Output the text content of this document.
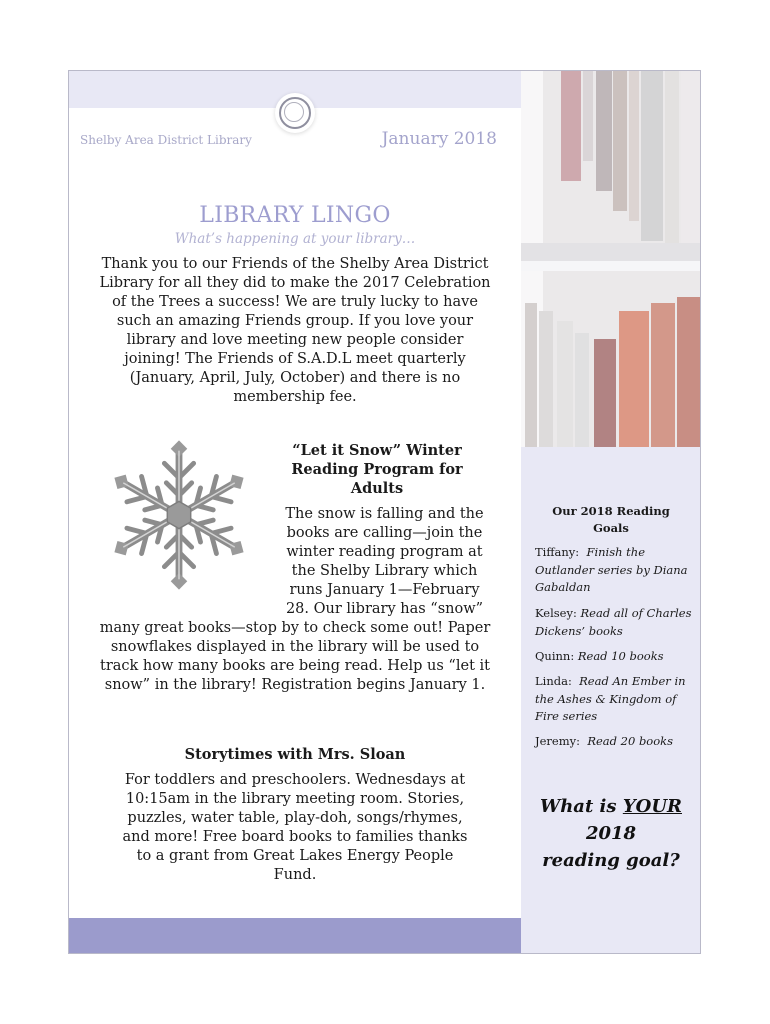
Shelby Area District Library	January 2018
LIBRARY LINGO
What’s happening at your library…

Thank you to our Friends of the Shelby Area District Library for all they did to make the 2017 Celebration of the Trees a success! We are truly lucky to have such an amazing Friends group. If you love your library and love meeting new people consider joining! The Friends of S.A.D.L meet quarterly (January, April, July, October) and there is no membership fee.

“Let it Snow” Winter Reading Program for Adults

The snow is falling and the books are calling—join the winter reading program at the Shelby Library which runs January 1—February 28. Our library has “snow” many great books—stop by to check some out! Paper snowflakes displayed in the library will be used to track how many books are being read. Help us “let it snow” in the library! Registration begins January 1.

Storytimes with Mrs. Sloan

For toddlers and preschoolers. Wednesdays at 10:15am in the library meeting room. Stories, puzzles, water table, play-doh, songs/rhymes, and more! Free board books to families thanks to a grant from Great Lakes Energy People Fund.

Our 2018 Reading Goals
Tiffany: Finish the Outlander series by Diana Gabaldan
Kelsey: Read all of Charles Dickens’ books
Quinn: Read 10 books
Linda: Read An Ember in the Ashes & Kingdom of Fire series
Jeremy: Read 20 books
What is YOUR
2018
reading goal?
